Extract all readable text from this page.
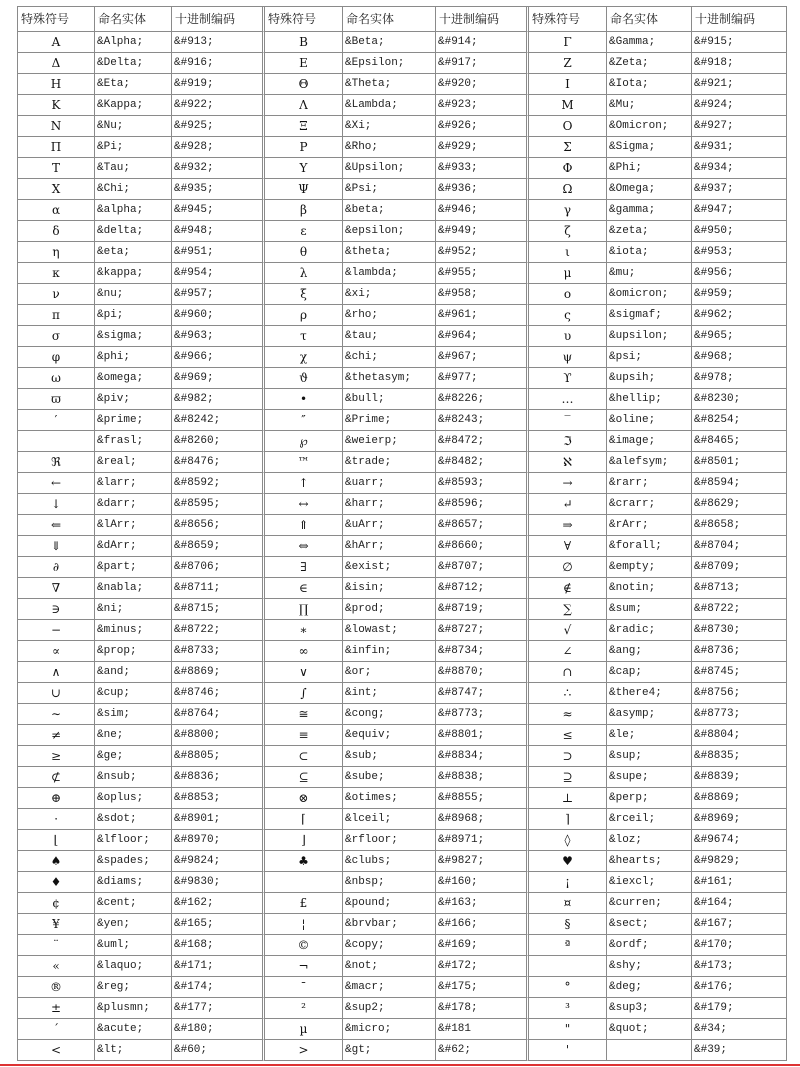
特殊符号	命名实体	十进制编码	特殊符号	命名实体	十进制编码	特殊符号	命名实体	十进制编码
Α	&Alpha;	&#913;	Β	&Beta;	&#914;	Γ	&Gamma;	&#915;
Δ	&Delta;	&#916;	Ε	&Epsilon;	&#917;	Ζ	&Zeta;	&#918;
Η	&Eta;	&#919;	Θ	&Theta;	&#920;	Ι	&Iota;	&#921;
Κ	&Kappa;	&#922;	Λ	&Lambda;	&#923;	Μ	&Mu;	&#924;
Ν	&Nu;	&#925;	Ξ	&Xi;	&#926;	Ο	&Omicron;	&#927;
Π	&Pi;	&#928;	Ρ	&Rho;	&#929;	Σ	&Sigma;	&#931;
Τ	&Tau;	&#932;	Υ	&Upsilon;	&#933;	Φ	&Phi;	&#934;
Χ	&Chi;	&#935;	Ψ	&Psi;	&#936;	Ω	&Omega;	&#937;
α	&alpha;	&#945;	β	&beta;	&#946;	γ	&gamma;	&#947;
δ	&delta;	&#948;	ε	&epsilon;	&#949;	ζ	&zeta;	&#950;
η	&eta;	&#951;	θ	&theta;	&#952;	ι	&iota;	&#953;
κ	&kappa;	&#954;	λ	&lambda;	&#955;	μ	&mu;	&#956;
ν	&nu;	&#957;	ξ	&xi;	&#958;	ο	&omicron;	&#959;
π	&pi;	&#960;	ρ	&rho;	&#961;	ς	&sigmaf;	&#962;
σ	&sigma;	&#963;	τ	&tau;	&#964;	υ	&upsilon;	&#965;
φ	&phi;	&#966;	χ	&chi;	&#967;	ψ	&psi;	&#968;
ω	&omega;	&#969;	ϑ	&thetasym;	&#977;	ϒ	&upsih;	&#978;
ϖ	&piv;	&#982;	•	&bull;	&#8226;	…	&hellip;	&#8230;
′	&prime;	&#8242;	″	&Prime;	&#8243;	‾	&oline;	&#8254;
	&frasl;	&#8260;	℘	&weierp;	&#8472;	ℑ	&image;	&#8465;
ℜ	&real;	&#8476;	™	&trade;	&#8482;	ℵ	&alefsym;	&#8501;
←	&larr;	&#8592;	↑	&uarr;	&#8593;	→	&rarr;	&#8594;
↓	&darr;	&#8595;	↔	&harr;	&#8596;	↵	&crarr;	&#8629;
⇐	&lArr;	&#8656;	⇑	&uArr;	&#8657;	⇒	&rArr;	&#8658;
⇓	&dArr;	&#8659;	⇔	&hArr;	&#8660;	∀	&forall;	&#8704;
∂	&part;	&#8706;	∃	&exist;	&#8707;	∅	&empty;	&#8709;
∇	&nabla;	&#8711;	∈	&isin;	&#8712;	∉	&notin;	&#8713;
∋	&ni;	&#8715;	∏	&prod;	&#8719;	∑	&sum;	&#8722;
−	&minus;	&#8722;	∗	&lowast;	&#8727;	√	&radic;	&#8730;
∝	&prop;	&#8733;	∞	&infin;	&#8734;	∠	&ang;	&#8736;
∧	&and;	&#8869;	∨	&or;	&#8870;	∩	&cap;	&#8745;
∪	&cup;	&#8746;	∫	&int;	&#8747;	∴	&there4;	&#8756;
∼	&sim;	&#8764;	≅	&cong;	&#8773;	≈	&asymp;	&#8773;
≠	&ne;	&#8800;	≡	&equiv;	&#8801;	≤	&le;	&#8804;
≥	&ge;	&#8805;	⊂	&sub;	&#8834;	⊃	&sup;	&#8835;
⊄	&nsub;	&#8836;	⊆	&sube;	&#8838;	⊇	&supe;	&#8839;
⊕	&oplus;	&#8853;	⊗	&otimes;	&#8855;	⊥	&perp;	&#8869;
⋅	&sdot;	&#8901;	⌈	&lceil;	&#8968;	⌉	&rceil;	&#8969;
⌊	&lfloor;	&#8970;	⌋	&rfloor;	&#8971;	◊	&loz;	&#9674;
♠	&spades;	&#9824;	♣	&clubs;	&#9827;	♥	&hearts;	&#9829;
♦	&diams;	&#9830;		&nbsp;	&#160;	¡	&iexcl;	&#161;
¢	&cent;	&#162;	£	&pound;	&#163;	¤	&curren;	&#164;
¥	&yen;	&#165;	¦	&brvbar;	&#166;	§	&sect;	&#167;
¨	&uml;	&#168;	©	&copy;	&#169;	ª	&ordf;	&#170;
«	&laquo;	&#171;	¬	&not;	&#172;		&shy;	&#173;
®	&reg;	&#174;	¯	&macr;	&#175;	°	&deg;	&#176;
±	&plusmn;	&#177;	²	&sup2;	&#178;	³	&sup3;	&#179;
´	&acute;	&#180;	µ	&micro;	&#181	"	&quot;	&#34;
<	&lt;	&#60;	>	&gt;	&#62;	'		&#39;
